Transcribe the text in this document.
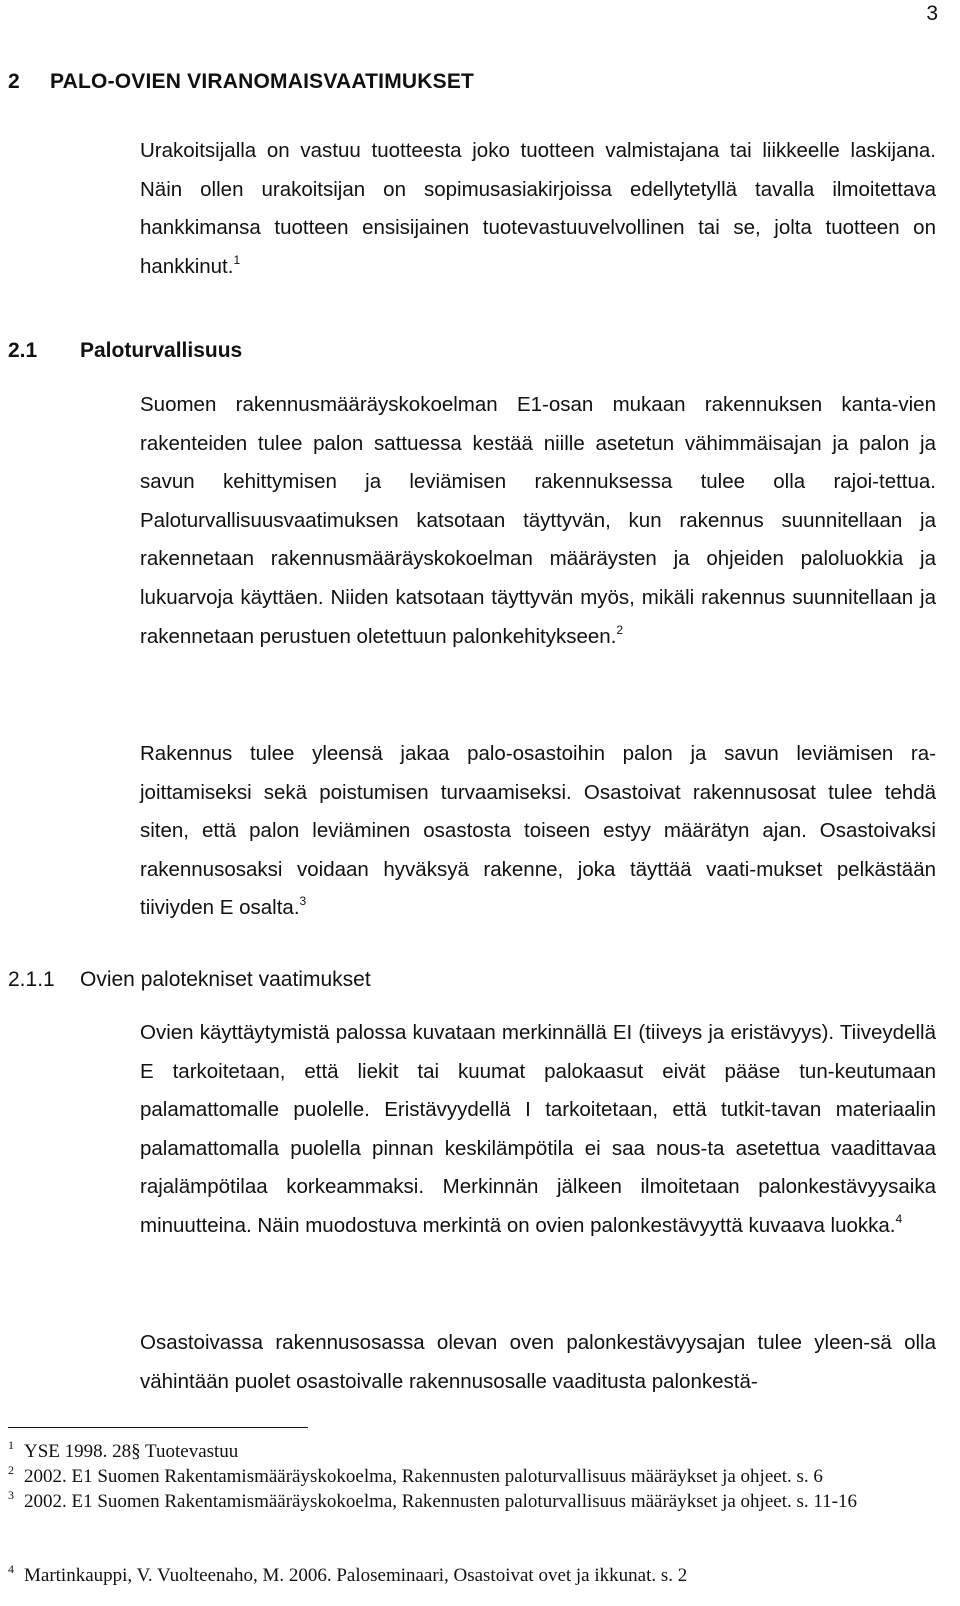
3
2 PALO-OVIEN VIRANOMAISVAATIMUKSET

Urakoitsijalla on vastuu tuotteesta joko tuotteen valmistajana tai liikkeelle laskijana. Näin ollen urakoitsijan on sopimusasiakirjoissa edellytetyllä tavalla ilmoitettava hankkimansa tuotteen ensisijainen tuotevastuuvelvollinen tai se, jolta tuotteen on hankkinut.$^1$

2.1 Paloturvallisuus

Suomen rakennusmääräyskokoelman E1-osan mukaan rakennuksen kanta-vien rakenteiden tulee palon sattuessa kestää niille asetetun vähimmäisajan ja palon ja savun kehittymisen ja leviämisen rakennuksessa tulee olla rajoi-tettua. Paloturvallisuusvaatimuksen katsotaan täyttyvän, kun rakennus suunnitellaan ja rakennetaan rakennusmääräyskokoelman määräysten ja ohjeiden paloluokkia ja lukuarvoja käyttäen. Niiden katsotaan täyttyvän myös, mikäli rakennus suunnitellaan ja rakennetaan perustuen oletettuun palonkehitykseen.$^2$

Rakennus tulee yleensä jakaa palo-osastoihin palon ja savun leviämisen ra-joittamiseksi sekä poistumisen turvaamiseksi. Osastoivat rakennusosat tulee tehdä siten, että palon leviäminen osastosta toiseen estyy määrätyn ajan. Osastoivaksi rakennusosaksi voidaan hyväksyä rakenne, joka täyttää vaati-mukset pelkästään tiiviyden E osalta.$^3$

2.1.1 Ovien palotekniset vaatimukset

Ovien käyttäytymistä palossa kuvataan merkinnällä EI (tiiveys ja eristävyys). Tiiveydellä E tarkoitetaan, että liekit tai kuumat palokaasut eivät pääse tun-keutumaan palamattomalle puolelle. Eristävyydellä I tarkoitetaan, että tutkit-tavan materiaalin palamattomalla puolella pinnan keskilämpötila ei saa nous-ta asetettua vaadittavaa rajalämpötilaa korkeammaksi. Merkinnän jälkeen ilmoitetaan palonkestävyysaika minuutteina. Näin muodostuva merkintä on ovien palonkestävyyttä kuvaava luokka.$^4$

Osastoivassa rakennusosassa olevan oven palonkestävyysajan tulee yleen-sä olla vähintään puolet osastoivalle rakennusosalle vaaditusta palonkestä-

$^1$ YSE 1998. 28§ Tuotevastuu

$^2$ 2002. E1 Suomen Rakentamismääräyskokoelma, Rakennusten paloturvallisuus määräykset ja ohjeet. s. 6

$^3$ 2002. E1 Suomen Rakentamismääräyskokoelma, Rakennusten paloturvallisuus määräykset ja ohjeet. s. 11-16

$^4$ Martinkauppi, V. Vuolteenaho, M. 2006. Paloseminaari, Osastoivat ovet ja ikkunat. s. 2
